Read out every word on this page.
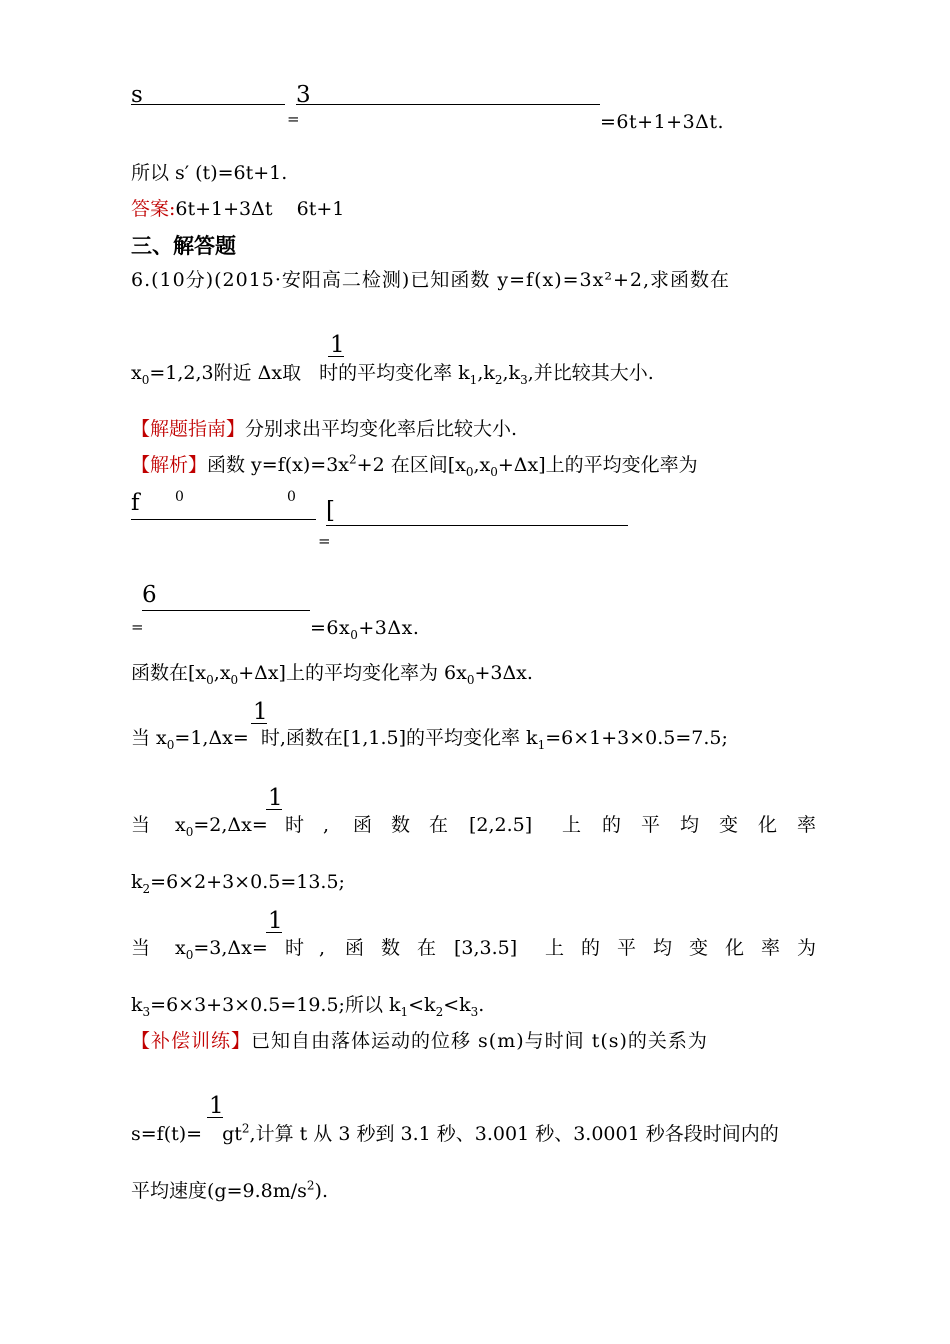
s
=
3
=6t+1+3Δt.
所以 s′ (t)=6t+1.
答案:6t+1+3Δt    6t+1
三、解答题
6.(10分)(2015·安阳高二检测)已知函数 y=f(x)=3x²+2,求函数在
1
$x_0=1,2,3$附近 Δx取 时的平均变化率 $k_1,k_2,k_3$,并比较其大小.
【解题指南】分别求出平均变化率后比较大小.
【解析】函数 $y=f(x)=3x^2+2$ 在区间$[x_0,x_0+\Delta x]$上的平均变化率为
f	0	0
=
[
6
=	$=6x_0+3\Delta x$.
函数在$[x_0,x_0+\Delta x]$上的平均变化率为 $6x_0+3\Delta x$.
1
当 $x_0=1,\Delta x=$ 时,函数在[1,1.5]的平均变化率 $k_1=6\times 1+3\times 0.5=7.5$;
1
当 $x_0=2,\Delta x=$ 时 , 函 数 在 [2,2.5] 上 的 平 均 变 化 率
$k_2=6\times 2+3\times 0.5=13.5$;
1
当 $x_0=3,\Delta x=$ 时 , 函 数 在 [3,3.5] 上 的 平 均 变 化 率 为
$k_3=6\times 3+3\times 0.5=19.5$;所以 $k_1<k_2<k_3$.
【补偿训练】已知自由落体运动的位移 s(m)与时间 t(s)的关系为
1
$s=f(t)= gt^2$,计算 t 从 3 秒到 3.1 秒、3.001 秒、3.0001 秒各段时间内的
平均速度$(g=9.8m/s^2)$.
